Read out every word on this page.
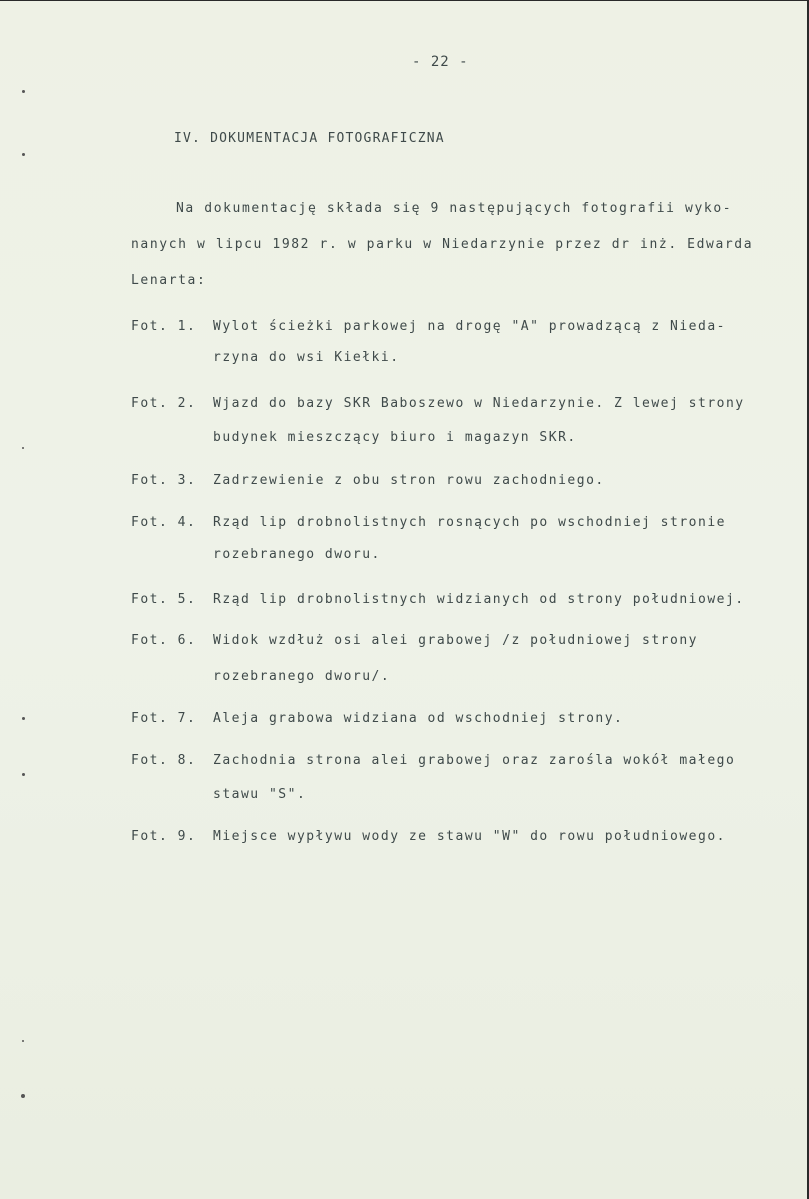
- 22 -
IV. DOKUMENTACJA FOTOGRAFICZNA
Na dokumentację składa się 9 następujących fotografii wyko-
nanych w lipcu 1982 r. w parku w Niedarzynie przez dr inż. Edwarda
Lenarta:
Fot. 1. Wylot ścieżki parkowej na drogę "A" prowadzącą z Nieda-
rzyna do wsi Kiełki.
Fot. 2. Wjazd do bazy SKR Baboszewo w Niedarzynie. Z lewej strony
budynek mieszczący biuro i magazyn SKR.
Fot. 3. Zadrzewienie z obu stron rowu zachodniego.
Fot. 4. Rząd lip drobnolistnych rosnących po wschodniej stronie
rozebranego dworu.
Fot. 5. Rząd lip drobnolistnych widzianych od strony południowej.
Fot. 6. Widok wzdłuż osi alei grabowej /z południowej strony
rozebranego dworu/.
Fot. 7. Aleja grabowa widziana od wschodniej strony.
Fot. 8. Zachodnia strona alei grabowej oraz zarośla wokół małego
stawu "S".
Fot. 9. Miejsce wypływu wody ze stawu "W" do rowu południowego.
